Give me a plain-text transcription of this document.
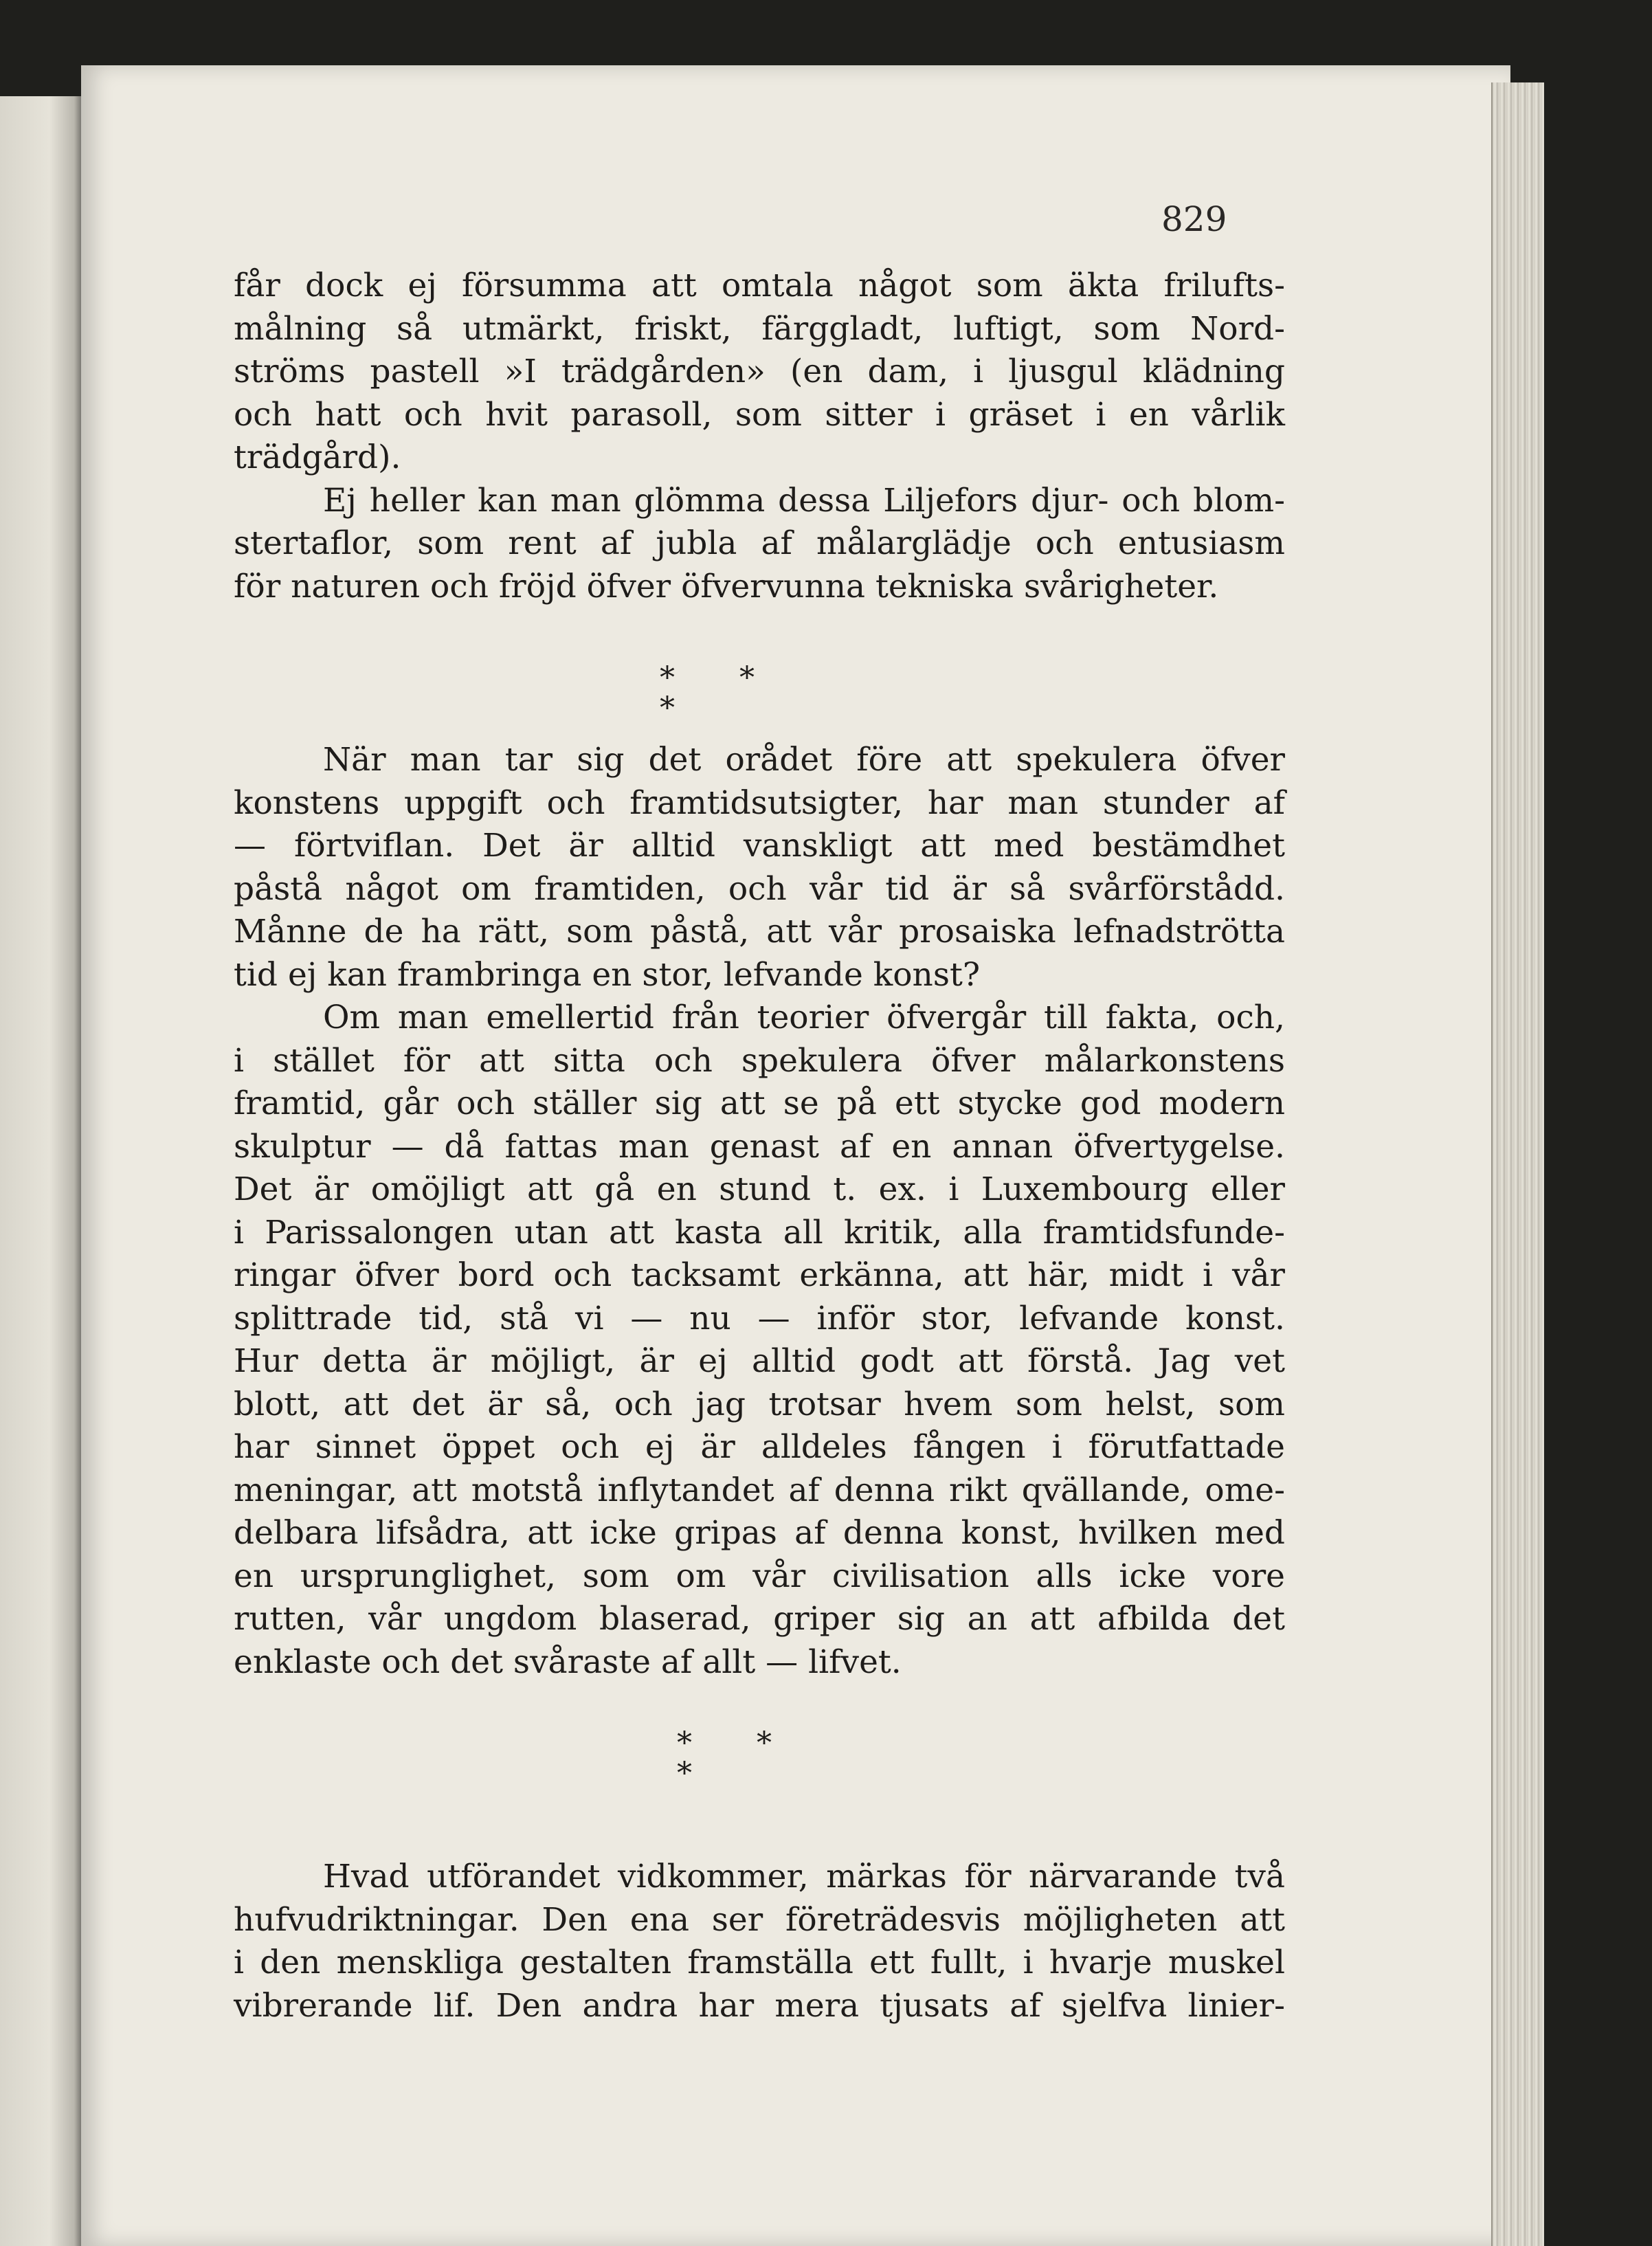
829
får dock ej försumma att omtala något som äkta frilufts-
målning så utmärkt, friskt, färggladt, luftigt, som Nord-
ströms pastell »I trädgården» (en dam, i ljusgul klädning
och hatt och hvit parasoll, som sitter i gräset i en vårlik
trädgård).
Ej heller kan man glömma dessa Liljefors djur- och blom-
stertaflor, som rent af jubla af målarglädje och entusiasm
för naturen och fröjd öfver öfvervunna tekniska svårigheter.
När man tar sig det orådet före att spekulera öfver
konstens uppgift och framtidsutsigter, har man stunder af
— förtviflan. Det är alltid vanskligt att med bestämdhet
påstå något om framtiden, och vår tid är så svårförstådd.
Månne de ha rätt, som påstå, att vår prosaiska lefnadströtta
tid ej kan frambringa en stor, lefvande konst?
Om man emellertid från teorier öfvergår till fakta, och,
i stället för att sitta och spekulera öfver målarkonstens
framtid, går och ställer sig att se på ett stycke god modern
skulptur — då fattas man genast af en annan öfvertygelse.
Det är omöjligt att gå en stund t. ex. i Luxembourg eller
i Parissalongen utan att kasta all kritik, alla framtidsfunde-
ringar öfver bord och tacksamt erkänna, att här, midt i vår
splittrade tid, stå vi — nu — inför stor, lefvande konst.
Hur detta är möjligt, är ej alltid godt att förstå. Jag vet
blott, att det är så, och jag trotsar hvem som helst, som
har sinnet öppet och ej är alldeles fången i förutfattade
meningar, att motstå inflytandet af denna rikt qvällande, ome-
delbara lifsådra, att icke gripas af denna konst, hvilken med
en ursprunglighet, som om vår civilisation alls icke vore
rutten, vår ungdom blaserad, griper sig an att afbilda det
enklaste och det svåraste af allt — lifvet.
Hvad utförandet vidkommer, märkas för närvarande två
hufvudriktningar. Den ena ser företrädesvis möjligheten att
i den menskliga gestalten framställa ett fullt, i hvarje muskel
vibrerande lif. Den andra har mera tjusats af sjelfva linier-
* * *
* * *
